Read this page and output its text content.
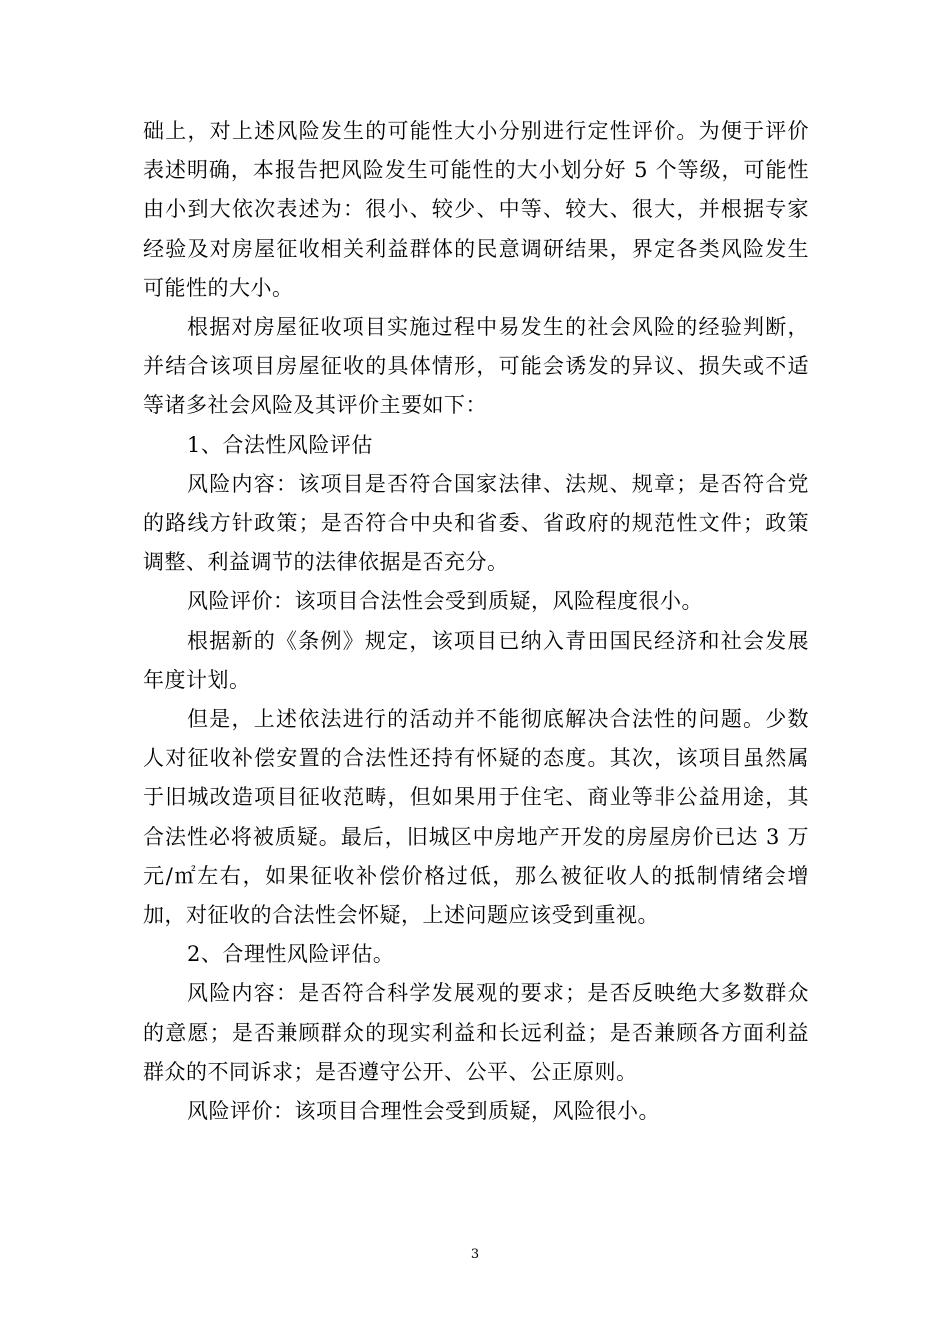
础上，对上述风险发生的可能性大小分别进行定性评价。为便于评价表述明确，本报告把风险发生可能性的大小划分好 5 个等级，可能性由小到大依次表述为：很小、较少、中等、较大、很大，并根据专家经验及对房屋征收相关利益群体的民意调研结果，界定各类风险发生可能性的大小。

根据对房屋征收项目实施过程中易发生的社会风险的经验判断，并结合该项目房屋征收的具体情形，可能会诱发的异议、损失或不适等诸多社会风险及其评价主要如下：

1、合法性风险评估

风险内容：该项目是否符合国家法律、法规、规章；是否符合党的路线方针政策；是否符合中央和省委、省政府的规范性文件；政策调整、利益调节的法律依据是否充分。

风险评价：该项目合法性会受到质疑，风险程度很小。

根据新的《条例》规定，该项目已纳入青田国民经济和社会发展年度计划。

但是，上述依法进行的活动并不能彻底解决合法性的问题。少数人对征收补偿安置的合法性还持有怀疑的态度。其次，该项目虽然属于旧城改造项目征收范畴，但如果用于住宅、商业等非公益用途，其合法性必将被质疑。最后，旧城区中房地产开发的房屋房价已达 3 万元/㎡左右，如果征收补偿价格过低，那么被征收人的抵制情绪会增加，对征收的合法性会怀疑，上述问题应该受到重视。

2、合理性风险评估。

风险内容：是否符合科学发展观的要求；是否反映绝大多数群众的意愿；是否兼顾群众的现实利益和长远利益；是否兼顾各方面利益群众的不同诉求；是否遵守公开、公平、公正原则。

风险评价：该项目合理性会受到质疑，风险很小。

3
